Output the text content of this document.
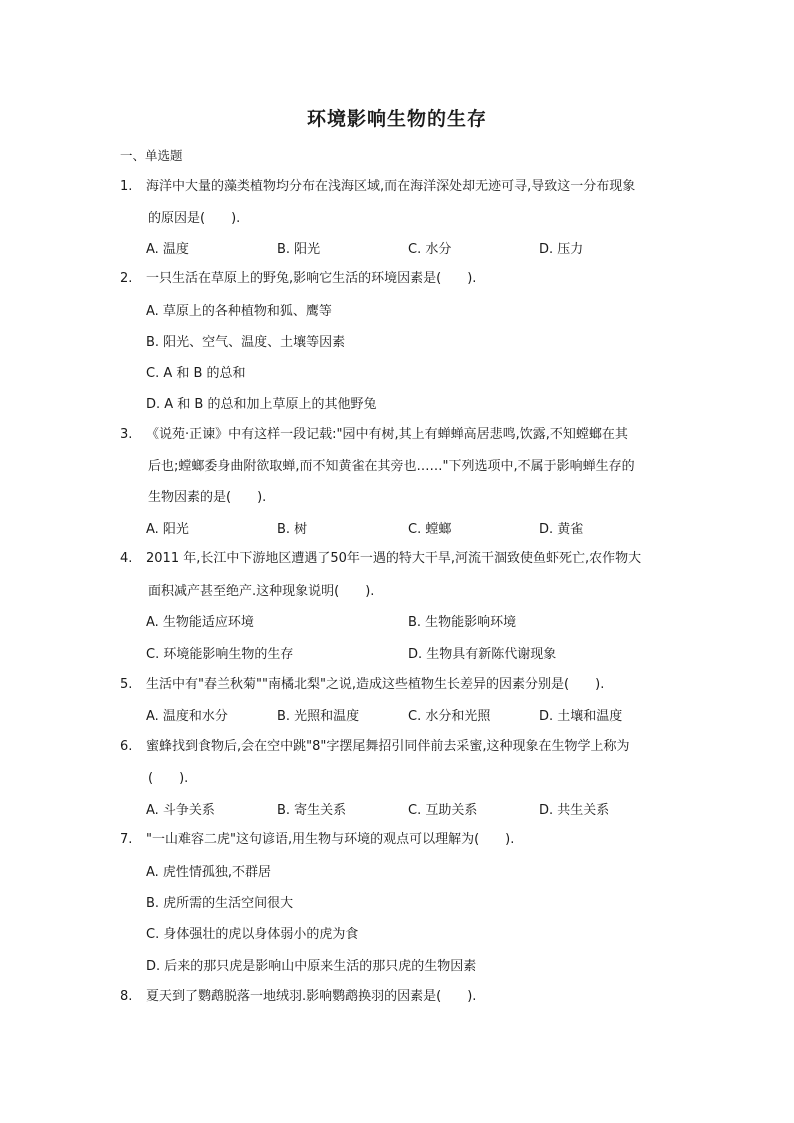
环境影响生物的生存
一、单选题
1.	海洋中大量的藻类植物均分布在浅海区域,而在海洋深处却无迹可寻,导致这一分布现象
的原因是(　　).
A. 温度	B. 阳光	C. 水分	D. 压力
2.	一只生活在草原上的野兔,影响它生活的环境因素是(　　).
A. 草原上的各种植物和狐、鹰等
B. 阳光、空气、温度、土壤等因素
C. A 和 B 的总和
D. A 和 B 的总和加上草原上的其他野兔
3.	《说苑·正谏》中有这样一段记载:"园中有树,其上有蝉蝉高居悲鸣,饮露,不知螳螂在其
后也;螳螂委身曲附欲取蝉,而不知黄雀在其旁也……"下列选项中,不属于影响蝉生存的
生物因素的是(　　).
A. 阳光	B. 树	C. 螳螂	D. 黄雀
4.	2011 年,长江中下游地区遭遇了50年一遇的特大干旱,河流干涸致使鱼虾死亡,农作物大
面积减产甚至绝产.这种现象说明(　　).
A. 生物能适应环境	B. 生物能影响环境
C. 环境能影响生物的生存	D. 生物具有新陈代谢现象
5.	生活中有"春兰秋菊""南橘北梨"之说,造成这些植物生长差异的因素分别是(　　).
A. 温度和水分	B. 光照和温度	C. 水分和光照	D. 土壤和温度
6.	蜜蜂找到食物后,会在空中跳"8"字摆尾舞招引同伴前去采蜜,这种现象在生物学上称为
(　　).
A. 斗争关系	B. 寄生关系	C. 互助关系	D. 共生关系
7.	"一山难容二虎"这句谚语,用生物与环境的观点可以理解为(　　).
A. 虎性情孤独,不群居
B. 虎所需的生活空间很大
C. 身体强壮的虎以身体弱小的虎为食
D. 后来的那只虎是影响山中原来生活的那只虎的生物因素
8.	夏天到了鹦鹉脱落一地绒羽.影响鹦鹉换羽的因素是(　　).
